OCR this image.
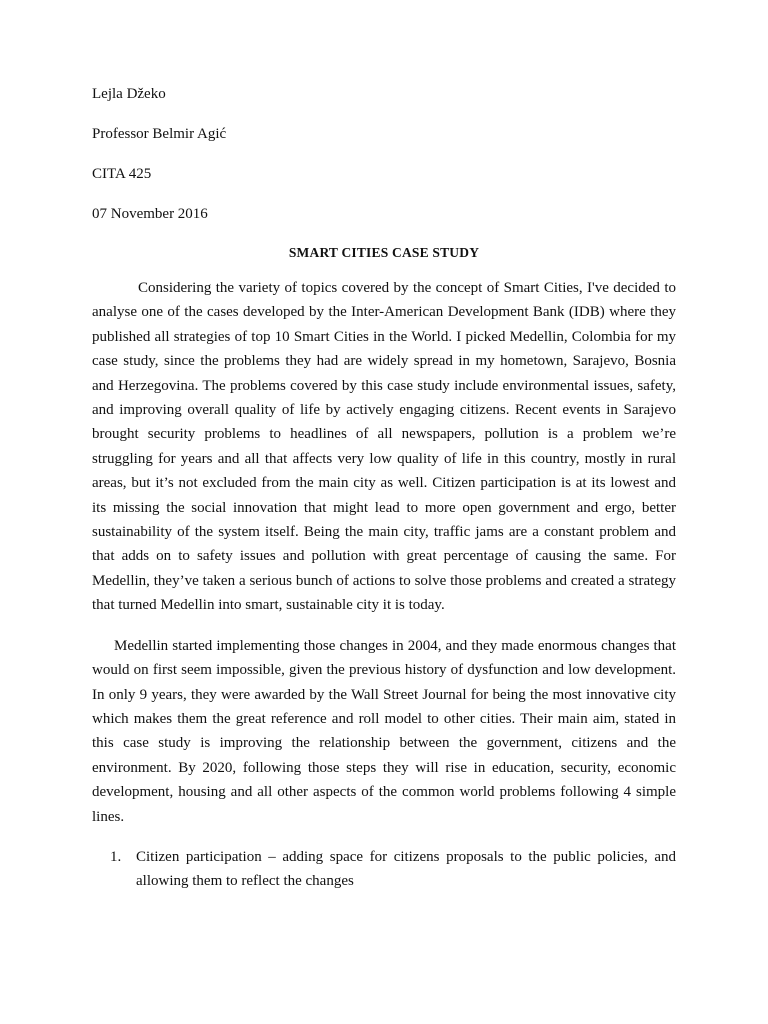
Lejla Džeko
Professor Belmir Agić
CITA 425
07 November 2016
SMART CITIES CASE STUDY

Considering the variety of topics covered by the concept of Smart Cities, I've decided to analyse one of the cases developed by the Inter-American Development Bank (IDB) where they published all strategies of top 10 Smart Cities in the World. I picked Medellin, Colombia for my case study, since the problems they had are widely spread in my hometown, Sarajevo, Bosnia and Herzegovina. The problems covered by this case study include environmental issues, safety, and improving overall quality of life by actively engaging citizens. Recent events in Sarajevo brought security problems to headlines of all newspapers, pollution is a problem we’re struggling for years and all that affects very low quality of life in this country, mostly in rural areas, but it’s not excluded from the main city as well. Citizen participation is at its lowest and its missing the social innovation that might lead to more open government and ergo, better sustainability of the system itself. Being the main city, traffic jams are a constant problem and that adds on to safety issues and pollution with great percentage of causing the same. For Medellin, they’ve taken a serious bunch of actions to solve those problems and created a strategy that turned Medellin into smart, sustainable city it is today.

Medellin started implementing those changes in 2004, and they made enormous changes that would on first seem impossible, given the previous history of dysfunction and low development. In only 9 years, they were awarded by the Wall Street Journal for being the most innovative city which makes them the great reference and roll model to other cities. Their main aim, stated in this case study is improving the relationship between the government, citizens and the environment. By 2020, following those steps they will rise in education, security, economic development, housing and all other aspects of the common world problems following 4 simple lines.

1. Citizen participation – adding space for citizens proposals to the public policies, and allowing them to reflect the changes
